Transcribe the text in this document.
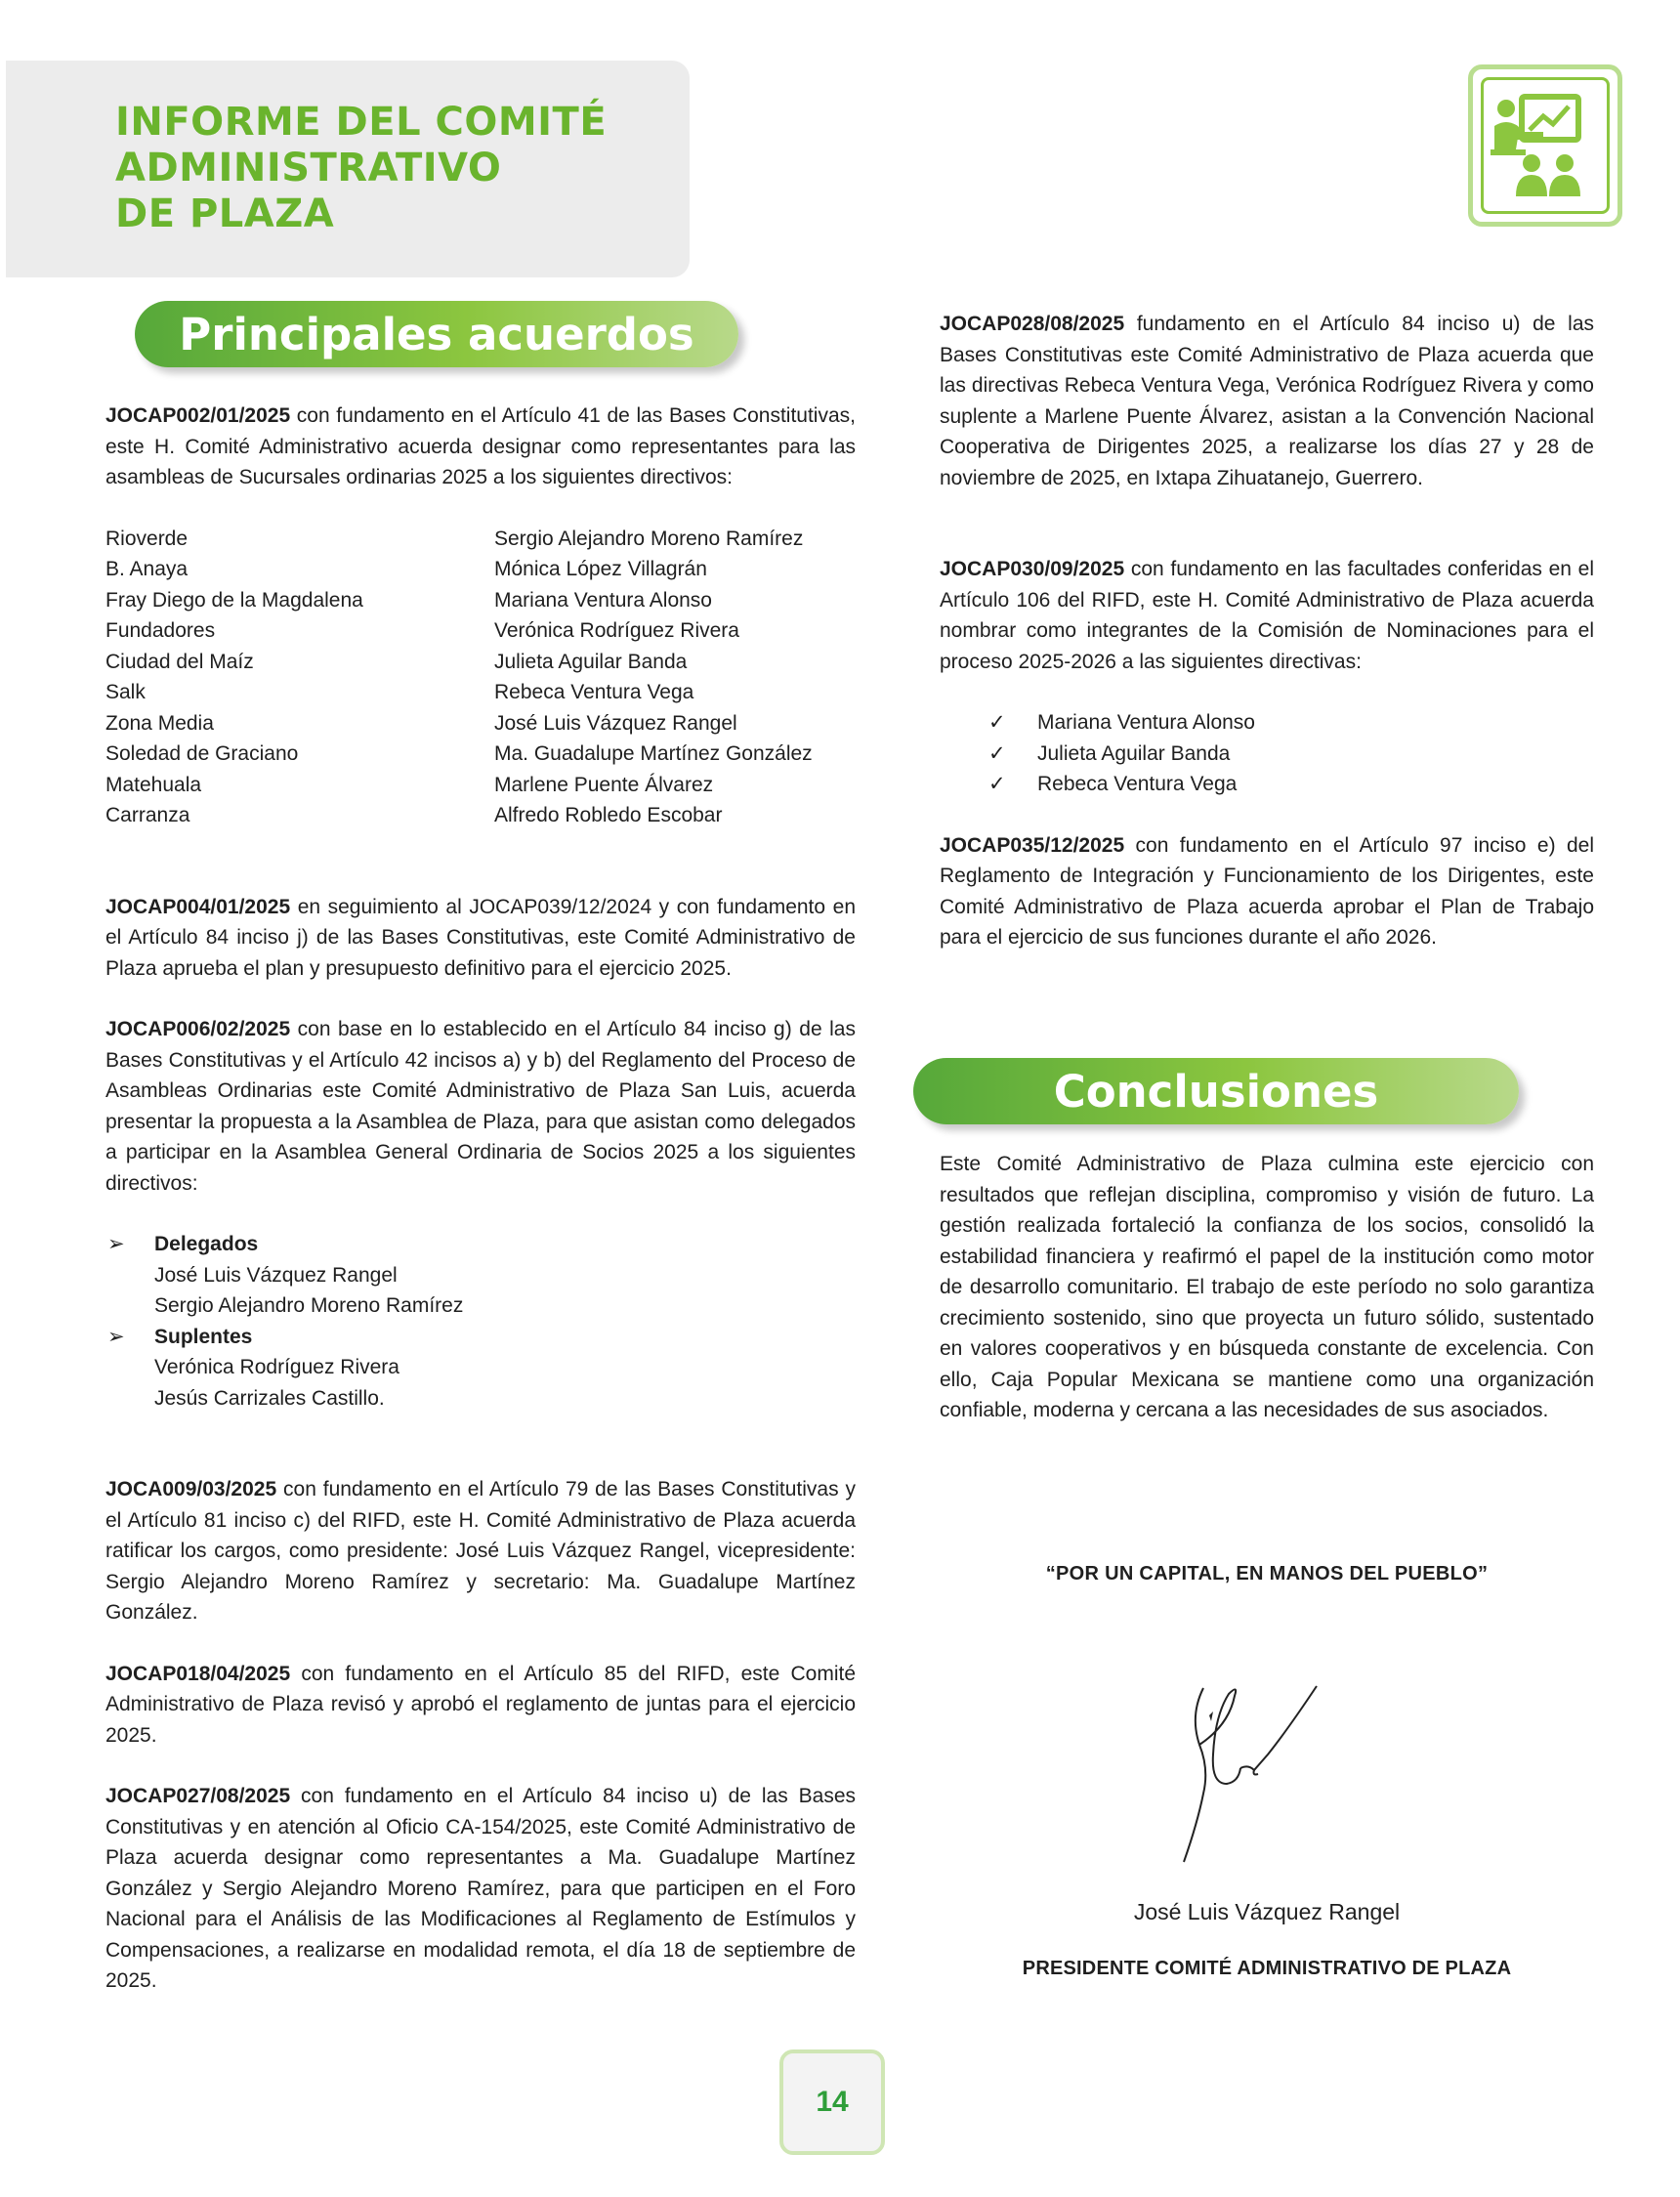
INFORME DEL COMITÉ
ADMINISTRATIVO
DE PLAZA
Principales acuerdos
Conclusiones

JOCAP002/01/2025 con fundamento en el Artículo 41 de las Bases Constitutivas, este H. Comité Administrativo acuerda designar como representantes para las asambleas de Sucursales ordinarias 2025 a los siguientes directivos:

Rioverde
B. Anaya
Fray Diego de la Magdalena
Fundadores
Ciudad del Maíz
Salk
Zona Media
Soledad de Graciano
Matehuala
Carranza
Sergio Alejandro Moreno Ramírez
Mónica López Villagrán
Mariana Ventura Alonso
Verónica Rodríguez Rivera
Julieta Aguilar Banda
Rebeca Ventura Vega
José Luis Vázquez Rangel
Ma. Guadalupe Martínez González
Marlene Puente Álvarez
Alfredo Robledo Escobar

JOCAP004/01/2025 en seguimiento al JOCAP039/12/2024 y con fundamento en el Artículo 84 inciso j) de las Bases Constitutivas, este Comité Administrativo de Plaza aprueba el plan y presupuesto definitivo para el ejercicio 2025.

JOCAP006/02/2025 con base en lo establecido en el Artículo 84 inciso g) de las Bases Constitutivas y el Artículo 42 incisos a) y b) del Reglamento del Proceso de Asambleas Ordinarias este Comité Administrativo de Plaza San Luis, acuerda presentar la propuesta a la Asamblea de Plaza, para que asistan como delegados a participar en la Asamblea General Ordinaria de Socios 2025 a los siguientes directivos:

➢ Delegados
José Luis Vázquez Rangel
Sergio Alejandro Moreno Ramírez
➢ Suplentes
Verónica Rodríguez Rivera
Jesús Carrizales Castillo.

JOCA009/03/2025 con fundamento en el Artículo 79 de las Bases Constitutivas y el Artículo 81 inciso c) del RIFD, este H. Comité Administrativo de Plaza acuerda ratificar los cargos, como presidente: José Luis Vázquez Rangel, vicepresidente: Sergio Alejandro Moreno Ramírez y secretario: Ma. Guadalupe Martínez González.

JOCAP018/04/2025 con fundamento en el Artículo 85 del RIFD, este Comité Administrativo de Plaza revisó y aprobó el reglamento de juntas para el ejercicio 2025.

JOCAP027/08/2025 con fundamento en el Artículo 84 inciso u) de las Bases Constitutivas y en atención al Oficio CA-154/2025, este Comité Administrativo de Plaza acuerda designar como representantes a Ma. Guadalupe Martínez González y Sergio Alejandro Moreno Ramírez, para que participen en el Foro Nacional para el Análisis de las Modificaciones al Reglamento de Estímulos y Compensaciones, a realizarse en modalidad remota, el día 18 de septiembre de 2025.

JOCAP028/08/2025 fundamento en el Artículo 84 inciso u) de las Bases Constitutivas este Comité Administrativo de Plaza acuerda que las directivas Rebeca Ventura Vega, Verónica Rodríguez Rivera y como suplente a Marlene Puente Álvarez, asistan a la Convención Nacional Cooperativa de Dirigentes 2025, a realizarse los días 27 y 28 de noviembre de 2025, en Ixtapa Zihuatanejo, Guerrero.

JOCAP030/09/2025 con fundamento en las facultades conferidas en el Artículo 106 del RIFD, este H. Comité Administrativo de Plaza acuerda nombrar como integrantes de la Comisión de Nominaciones para el proceso 2025-2026 a las siguientes directivas:

✓ Mariana Ventura Alonso
✓ Julieta Aguilar Banda
✓ Rebeca Ventura Vega

JOCAP035/12/2025 con fundamento en el Artículo 97 inciso e) del Reglamento de Integración y Funcionamiento de los Dirigentes, este Comité Administrativo de Plaza acuerda aprobar el Plan de Trabajo para el ejercicio de sus funciones durante el año 2026.

Este Comité Administrativo de Plaza culmina este ejercicio con resultados que reflejan disciplina, compromiso y visión de futuro. La gestión realizada fortaleció la confianza de los socios, consolidó la estabilidad financiera y reafirmó el papel de la institución como motor de desarrollo comunitario. El trabajo de este período no solo garantiza crecimiento sostenido, sino que proyecta un futuro sólido, sustentado en valores cooperativos y en búsqueda constante de excelencia. Con ello, Caja Popular Mexicana se mantiene como una organización confiable, moderna y cercana a las necesidades de sus asociados.

“POR UN CAPITAL, EN MANOS DEL PUEBLO”
José Luis Vázquez Rangel
PRESIDENTE COMITÉ ADMINISTRATIVO DE PLAZA
14
